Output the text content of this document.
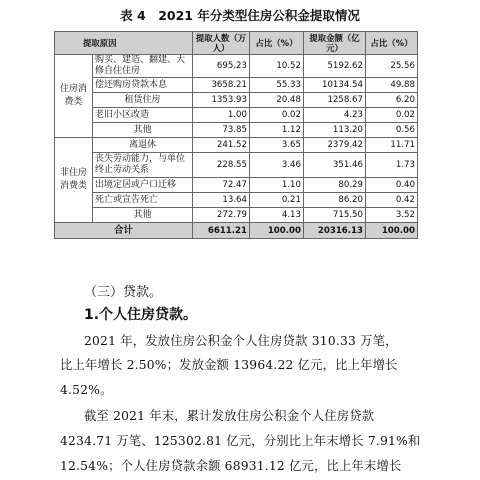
表 4　2021 年分类型住房公积金提取情况
提取原因		提取人数（万人）	占比（%）	提取金额（亿元）	占比（%）
住房消费类	购买、建造、翻建、大修自住住房	695.23	10.52	5192.62	25.56
	偿还购房贷款本息	3658.21	55.33	10134.54	49.88
	租赁住房	1353.93	20.48	1258.67	6.20
	老旧小区改造	1.00	0.02	4.23	0.02
	其他	73.85	1.12	113.20	0.56
非住房消费类	离退休	241.52	3.65	2379.42	11.71
	丧失劳动能力，与单位终止劳动关系	228.55	3.46	351.46	1.73
	出境定居或户口迁移	72.47	1.10	80.29	0.40
	死亡或宣告死亡	13.64	0.21	86.20	0.42
	其他	272.79	4.13	715.50	3.52
合计		6611.21	100.00	20316.13	100.00
（三）贷款。
1.个人住房贷款。
2021 年，发放住房公积金个人住房贷款 310.33 万笔，
比上年增长 2.50%；发放金额 13964.22 亿元，比上年增长
4.52%。
截至 2021 年末，累计发放住房公积金个人住房贷款
4234.71 万笔、125302.81 亿元，分别比上年末增长 7.91%和
12.54%；个人住房贷款余额 68931.12 亿元，比上年末增长
